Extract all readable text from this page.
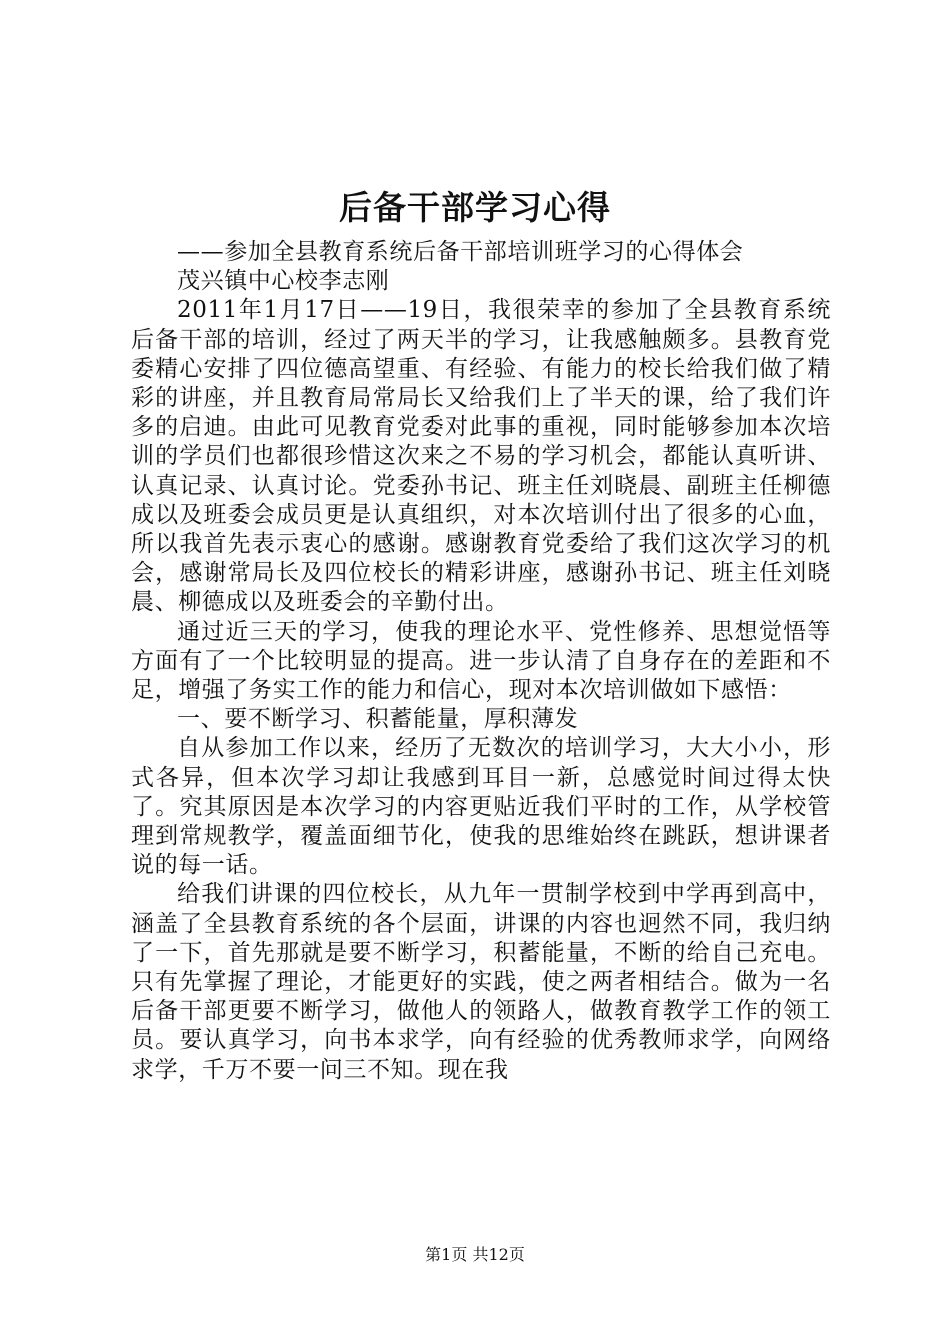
后备干部学习心得

——参加全县教育系统后备干部培训班学习的心得体会

茂兴镇中心校李志刚

2011年1月17日——19日，我很荣幸的参加了全县教育系统后备干部的培训，经过了两天半的学习，让我感触颇多。县教育党委精心安排了四位德高望重、有经验、有能力的校长给我们做了精彩的讲座，并且教育局常局长又给我们上了半天的课，给了我们许多的启迪。由此可见教育党委对此事的重视，同时能够参加本次培训的学员们也都很珍惜这次来之不易的学习机会，都能认真听讲、认真记录、认真讨论。党委孙书记、班主任刘晓晨、副班主任柳德成以及班委会成员更是认真组织，对本次培训付出了很多的心血，所以我首先表示衷心的感谢。感谢教育党委给了我们这次学习的机会，感谢常局长及四位校长的精彩讲座，感谢孙书记、班主任刘晓晨、柳德成以及班委会的辛勤付出。

通过近三天的学习，使我的理论水平、党性修养、思想觉悟等方面有了一个比较明显的提高。进一步认清了自身存在的差距和不足，增强了务实工作的能力和信心，现对本次培训做如下感悟：

一、要不断学习、积蓄能量，厚积薄发

自从参加工作以来，经历了无数次的培训学习，大大小小，形式各异，但本次学习却让我感到耳目一新，总感觉时间过得太快了。究其原因是本次学习的内容更贴近我们平时的工作，从学校管理到常规教学，覆盖面细节化，使我的思维始终在跳跃，想讲课者说的每一话。

给我们讲课的四位校长，从九年一贯制学校到中学再到高中，涵盖了全县教育系统的各个层面，讲课的内容也迥然不同，我归纳了一下，首先那就是要不断学习，积蓄能量，不断的给自己充电。只有先掌握了理论，才能更好的实践，使之两者相结合。做为一名后备干部更要不断学习，做他人的领路人，做教育教学工作的领工员。要认真学习，向书本求学，向有经验的优秀教师求学，向网络求学，千万不要一问三不知。现在我

第1页 共12页
